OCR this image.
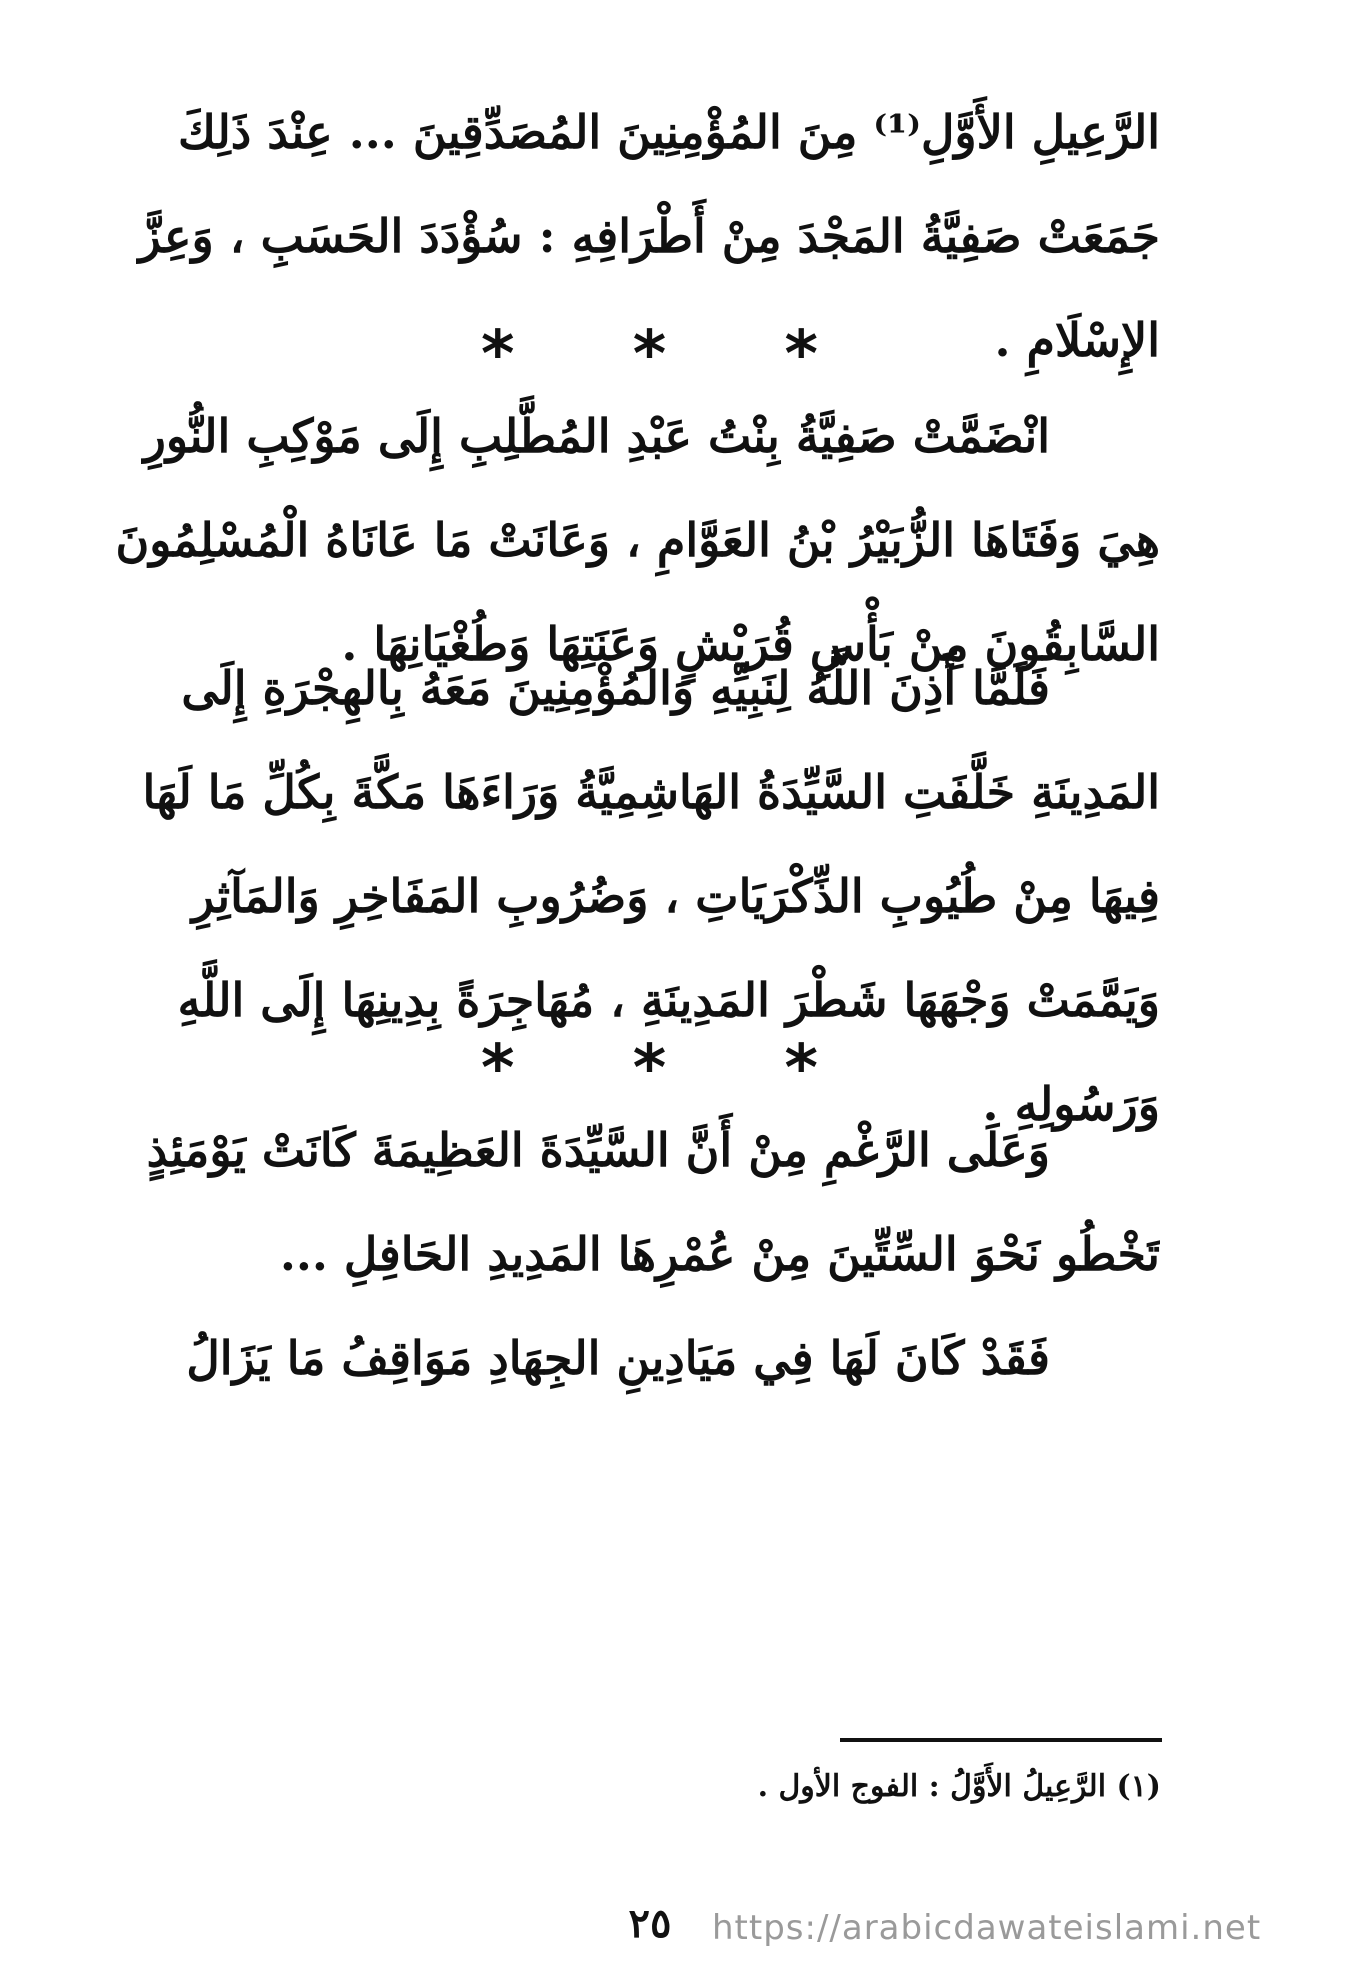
الرَّعِيلِ الأَوَّلِ⁽¹⁾ مِنَ المُؤْمِنِينَ المُصَدِّقِينَ ... عِنْدَ ذَلِكَ
جَمَعَتْ صَفِيَّةُ المَجْدَ مِنْ أَطْرَافِهِ : سُؤْدَدَ الحَسَبِ ، وَعِزَّ
الإِسْلَامِ .
* * *
انْضَمَّتْ صَفِيَّةُ بِنْتُ عَبْدِ المُطَّلِبِ إِلَى مَوْكِبِ النُّورِ
هِيَ وَفَتَاهَا الزُّبَيْرُ بْنُ العَوَّامِ ، وَعَانَتْ مَا عَانَاهُ الْمُسْلِمُونَ
السَّابِقُونَ مِنْ بَأْسِ قُرَيْشٍ وَعَنَتِهَا وَطُغْيَانِهَا .
فَلَمَّا أَذِنَ اللَّهُ لِنَبِيِّهِ وَالمُؤْمِنِينَ مَعَهُ بِالهِجْرَةِ إِلَى
المَدِينَةِ خَلَّفَتِ السَّيِّدَةُ الهَاشِمِيَّةُ وَرَاءَهَا مَكَّةَ بِكُلِّ مَا لَهَا
فِيهَا مِنْ طُيُوبِ الذِّكْرَيَاتِ ، وَضُرُوبِ المَفَاخِرِ وَالمَآثِرِ
وَيَمَّمَتْ وَجْهَهَا شَطْرَ المَدِينَةِ ، مُهَاجِرَةً بِدِينِهَا إِلَى اللَّهِ
وَرَسُولِهِ .
* * *
وَعَلَى الرَّغْمِ مِنْ أَنَّ السَّيِّدَةَ العَظِيمَةَ كَانَتْ يَوْمَئِذٍ
تَخْطُو نَحْوَ السِّتِّينَ مِنْ عُمْرِهَا المَدِيدِ الحَافِلِ ...
فَقَدْ كَانَ لَهَا فِي مَيَادِينِ الجِهَادِ مَوَاقِفُ مَا يَزَالُ
(١) الرَّعِيلُ الأَوَّلُ : الفوج الأول .
٢٥	https://arabicdawateislami.net
